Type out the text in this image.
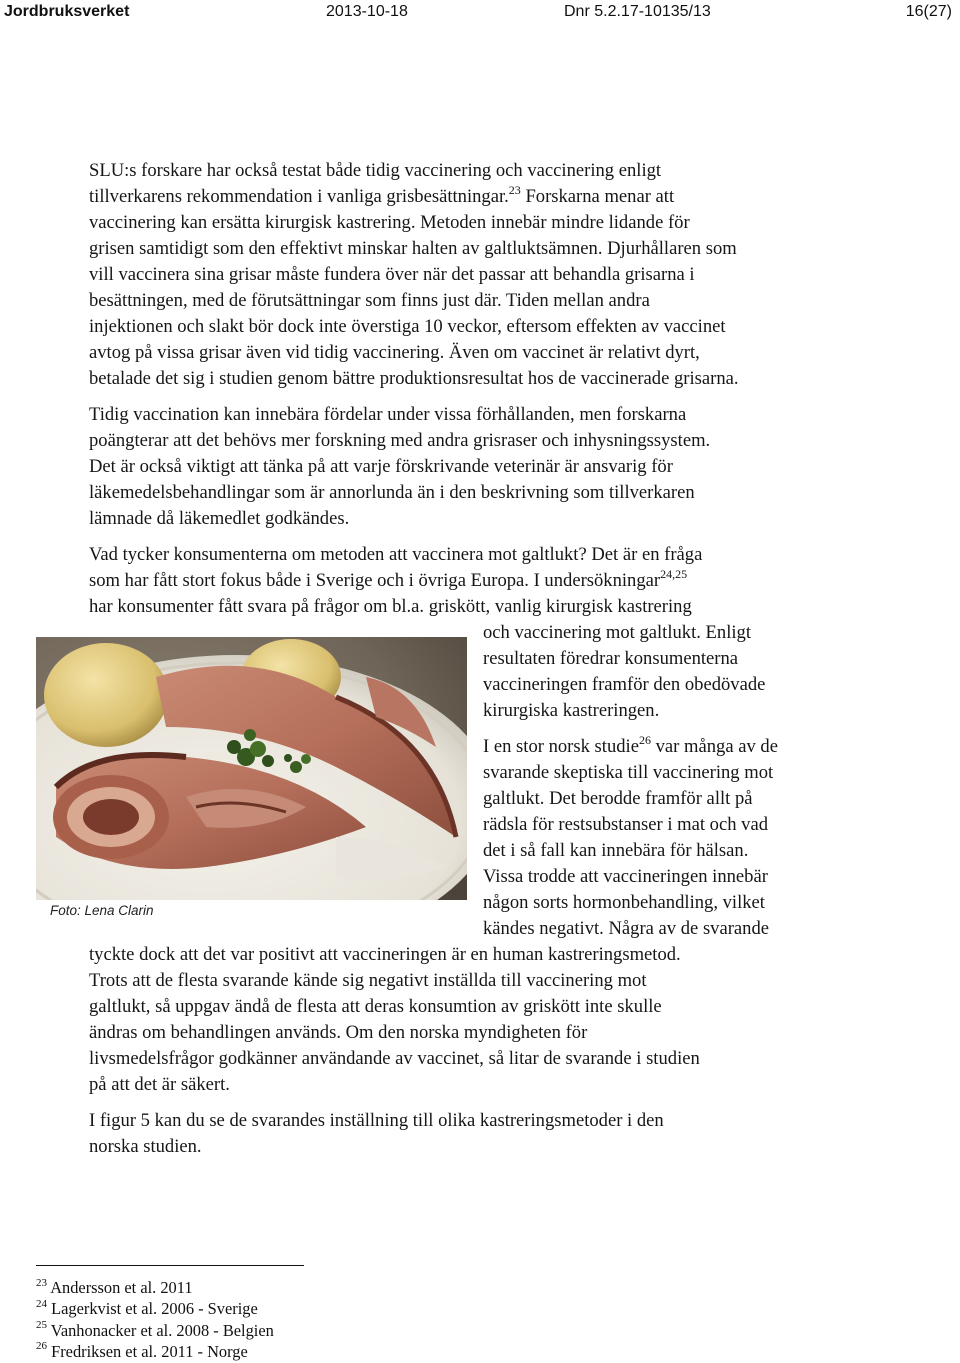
Jordbruksverket	2013-10-18	Dnr 5.2.17-10135/13	16(27)
SLU:s forskare har också testat både tidig vaccinering och vaccinering enligt
tillverkarens rekommendation i vanliga grisbesättningar.$^{23}$ Forskarna menar att
vaccinering kan ersätta kirurgisk kastrering. Metoden innebär mindre lidande för
grisen samtidigt som den effektivt minskar halten av galtluktsämnen. Djurhållaren som
vill vaccinera sina grisar måste fundera över när det passar att behandla grisarna i
besättningen, med de förutsättningar som finns just där. Tiden mellan andra
injektionen och slakt bör dock inte överstiga 10 veckor, eftersom effekten av vaccinet
avtog på vissa grisar även vid tidig vaccinering. Även om vaccinet är relativt dyrt,
betalade det sig i studien genom bättre produktionsresultat hos de vaccinerade grisarna.
Tidig vaccination kan innebära fördelar under vissa förhållanden, men forskarna
poängterar att det behövs mer forskning med andra grisraser och inhysningssystem.
Det är också viktigt att tänka på att varje förskrivande veterinär är ansvarig för
läkemedelsbehandlingar som är annorlunda än i den beskrivning som tillverkaren
lämnade då läkemedlet godkändes.
Vad tycker konsumenterna om metoden att vaccinera mot galtlukt? Det är en fråga
som har fått stort fokus både i Sverige och i övriga Europa. I undersökningar$^{24,25}$
har konsumenter fått svara på frågor om bl.a. griskött, vanlig kirurgisk kastrering
och vaccinering mot galtlukt. Enligt
resultaten föredrar konsumenterna
vaccineringen framför den obedövade
kirurgiska kastreringen.
I en stor norsk studie$^{26}$ var många av de
svarande skeptiska till vaccinering mot
galtlukt. Det berodde framför allt på
rädsla för restsubstanser i mat och vad
det i så fall kan innebära för hälsan.
Vissa trodde att vaccineringen innebär
någon sorts hormonbehandling, vilket
kändes negativt. Några av de svarande
tyckte dock att det var positivt att vaccineringen är en human kastreringsmetod.
Trots att de flesta svarande kände sig negativt inställda till vaccinering mot
galtlukt, så uppgav ändå de flesta att deras konsumtion av griskött inte skulle
ändras om behandlingen används. Om den norska myndigheten för
livsmedelsfrågor godkänner användande av vaccinet, så litar de svarande i studien
på att det är säkert.
I figur 5 kan du se de svarandes inställning till olika kastreringsmetoder i den
norska studien.
Foto: Lena Clarin
$^{23}$ Andersson et al. 2011
$^{24}$ Lagerkvist et al. 2006 - Sverige
$^{25}$ Vanhonacker et al. 2008 - Belgien
$^{26}$ Fredriksen et al. 2011 - Norge
